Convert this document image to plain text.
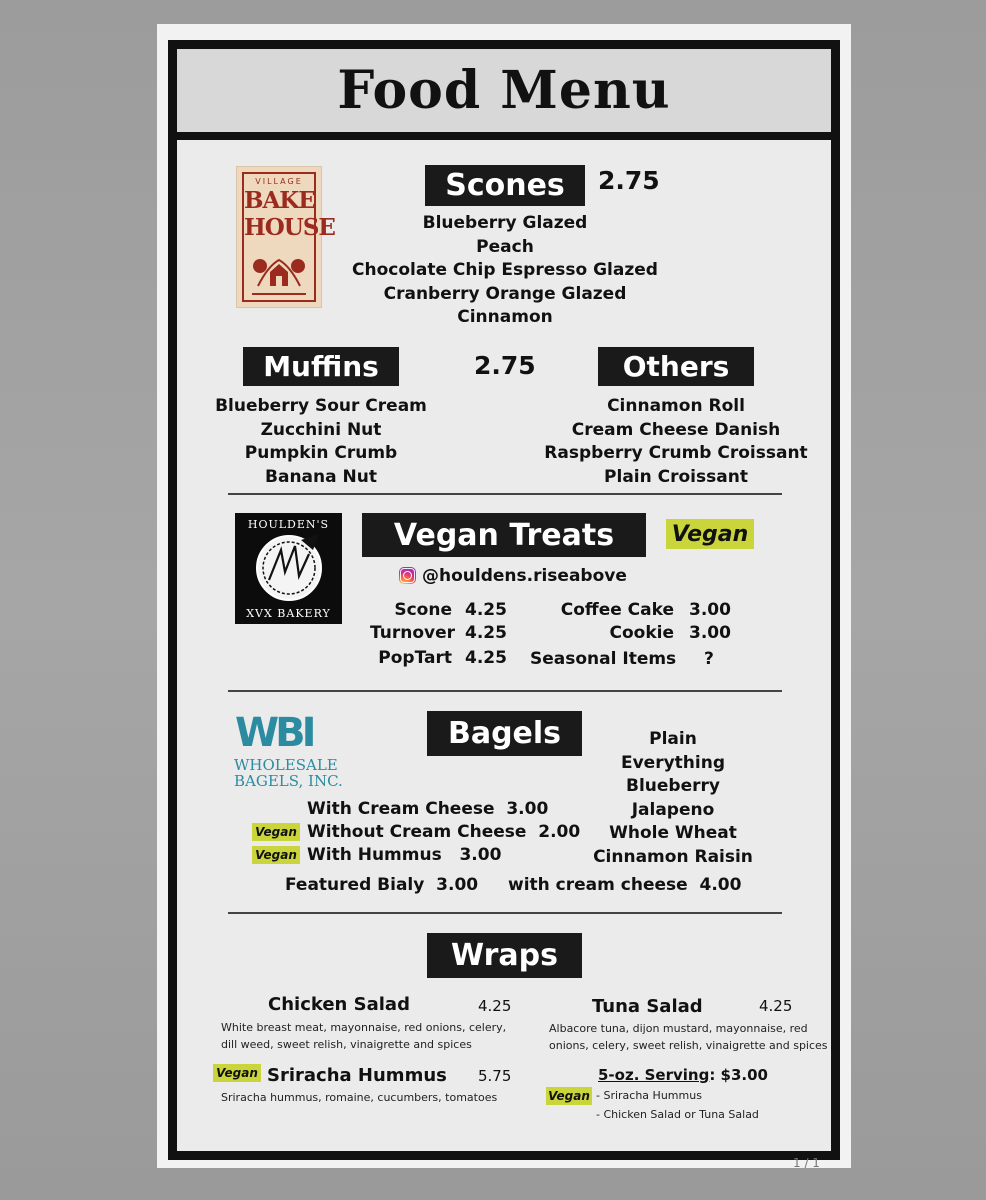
Food Menu
VILLAGE
BAKE
HOUSE
Scones	2.75
Blueberry Glazed
Peach
Chocolate Chip Espresso Glazed
Cranberry Orange Glazed
Cinnamon
Muffins	2.75
Blueberry Sour Cream
Zucchini Nut
Pumpkin Crumb
Banana Nut
Others
Cinnamon Roll
Cream Cheese Danish
Raspberry Crumb Croissant
Plain Croissant
HOULDEN'S
XVX BAKERY
Vegan Treats	Vegan
@houldens.riseabove
Scone 4.25
Turnover 4.25
PopTart 4.25
Coffee Cake 3.00
Cookie 3.00
Seasonal Items ?
WBI
WHOLESALE
BAGELS, INC.
Bagels	Plain
Everything
Blueberry
Jalapeno
Whole Wheat
Cinnamon Raisin
With Cream Cheese  3.00
Vegan Without Cream Cheese  2.00
Vegan With Hummus   3.00
Featured Bialy  3.00 with cream cheese  4.00
Wraps
Chicken Salad	4.25
White breast meat, mayonnaise, red onions, celery,
dill weed, sweet relish, vinaigrette and spices
Tuna Salad	4.25
Albacore tuna, dijon mustard, mayonnaise, red
onions, celery, sweet relish, vinaigrette and spices
Vegan Sriracha Hummus 5.75
Sriracha hummus, romaine, cucumbers, tomatoes
5-oz. Serving: $3.00
Vegan - Sriracha Hummus
- Chicken Salad or Tuna Salad
1 / 1
